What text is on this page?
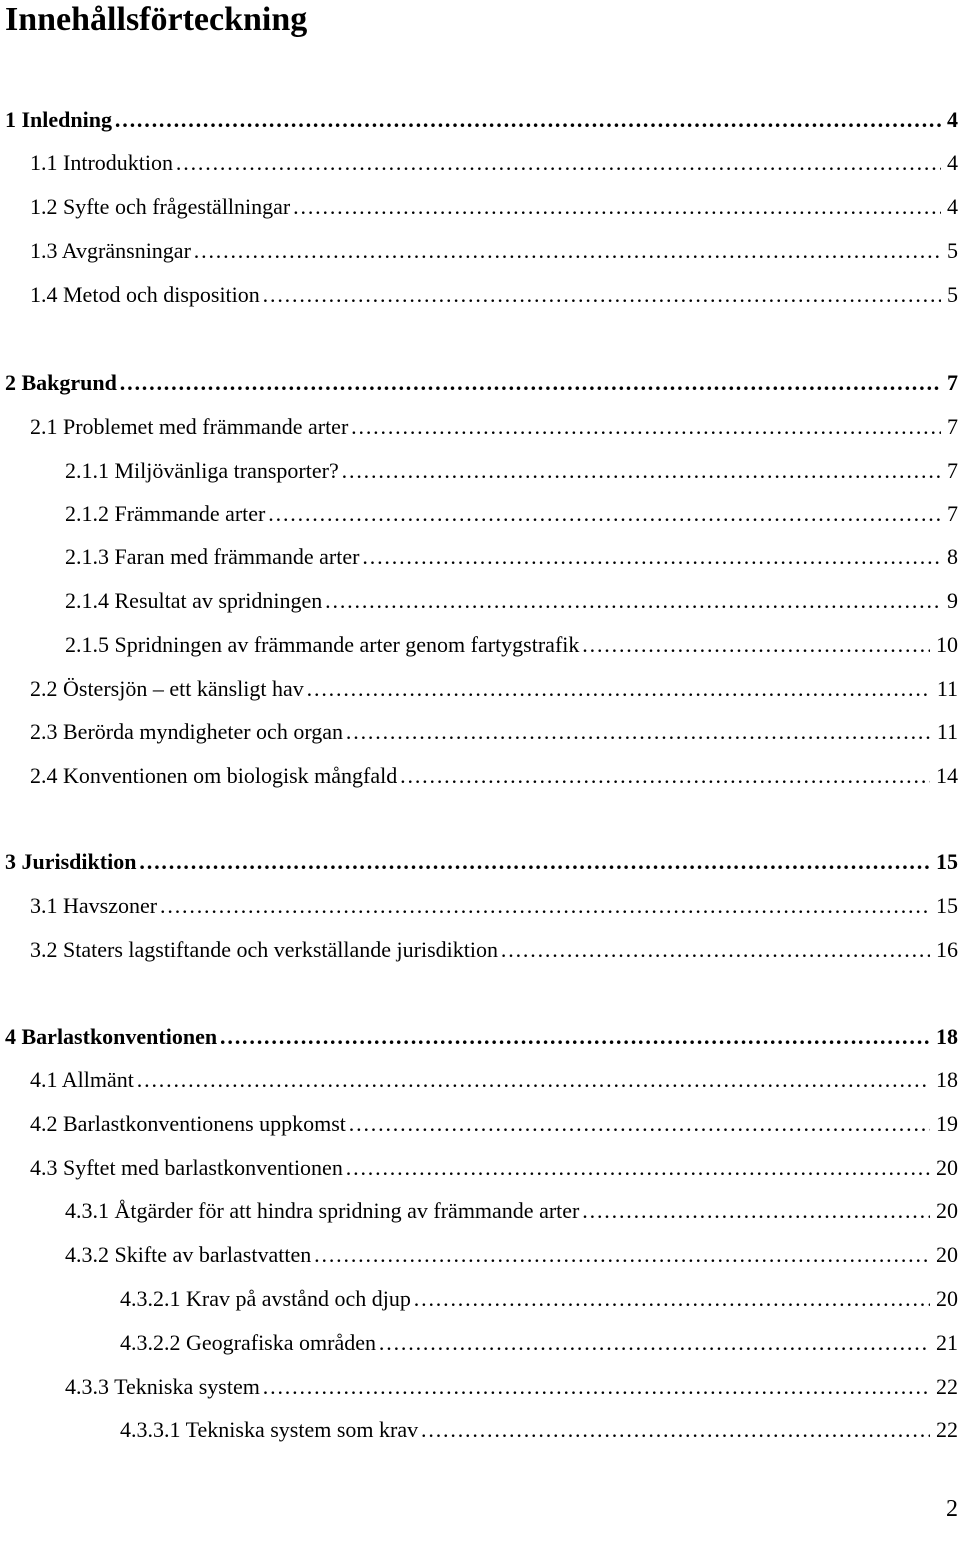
Innehållsförteckning
1 Inledning ……………………………………………………………………………………………………………………………………………………………………………………	4
1.1 Introduktion ……………………………………………………………………………………………………………………………………………………………………………………	4
1.2 Syfte och frågeställningar ……………………………………………………………………………………………………………………………………………………………………………………	4
1.3 Avgränsningar ……………………………………………………………………………………………………………………………………………………………………………………	5
1.4 Metod och disposition ……………………………………………………………………………………………………………………………………………………………………………………	5
2 Bakgrund ……………………………………………………………………………………………………………………………………………………………………………………	7
2.1 Problemet med främmande arter ……………………………………………………………………………………………………………………………………………………………………………………	7
2.1.1 Miljövänliga transporter? ……………………………………………………………………………………………………………………………………………………………………………………	7
2.1.2 Främmande arter ……………………………………………………………………………………………………………………………………………………………………………………	7
2.1.3 Faran med främmande arter ……………………………………………………………………………………………………………………………………………………………………………………	8
2.1.4 Resultat av spridningen ……………………………………………………………………………………………………………………………………………………………………………………	9
2.1.5 Spridningen av främmande arter genom fartygstrafik ……………………………………………………………………………………………………………………………………………………………………………………	10
2.2 Östersjön – ett känsligt hav ……………………………………………………………………………………………………………………………………………………………………………………	11
2.3 Berörda myndigheter och organ ……………………………………………………………………………………………………………………………………………………………………………………	11
2.4 Konventionen om biologisk mångfald ……………………………………………………………………………………………………………………………………………………………………………………	14
3 Jurisdiktion ……………………………………………………………………………………………………………………………………………………………………………………	15
3.1 Havszoner ……………………………………………………………………………………………………………………………………………………………………………………	15
3.2 Staters lagstiftande och verkställande jurisdiktion ……………………………………………………………………………………………………………………………………………………………………………………	16
4 Barlastkonventionen ……………………………………………………………………………………………………………………………………………………………………………………	18
4.1 Allmänt ……………………………………………………………………………………………………………………………………………………………………………………	18
4.2 Barlastkonventionens uppkomst ……………………………………………………………………………………………………………………………………………………………………………………	19
4.3 Syftet med barlastkonventionen ……………………………………………………………………………………………………………………………………………………………………………………	20
4.3.1 Åtgärder för att hindra spridning av främmande arter ……………………………………………………………………………………………………………………………………………………………………………………	20
4.3.2 Skifte av barlastvatten ……………………………………………………………………………………………………………………………………………………………………………………	20
4.3.2.1 Krav på avstånd och djup ……………………………………………………………………………………………………………………………………………………………………………………	20
4.3.2.2 Geografiska områden ……………………………………………………………………………………………………………………………………………………………………………………	21
4.3.3 Tekniska system ……………………………………………………………………………………………………………………………………………………………………………………	22
4.3.3.1 Tekniska system som krav ……………………………………………………………………………………………………………………………………………………………………………………	22
2
